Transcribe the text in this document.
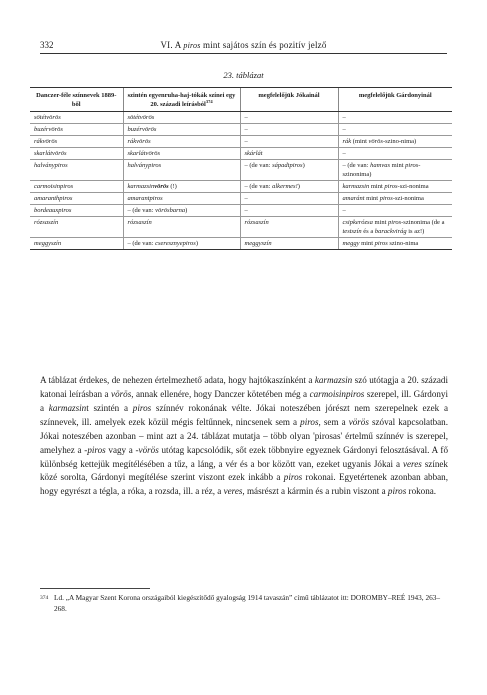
332	VI. A piros mint sajátos szín és pozitív jelző
23. táblázat
Danczer-féle színnevek 1889-ből	szintén egyenruha-haj-tókák színei egy 20. századi leírásból$^{374}$	megfelelőjük Jókainál	megfelelőjük Gárdonyinál
sötétvörös	sötétvörös	–	–
buzérvörös	buzérvörös	–	–
rákvörös	rákvörös	–	rák (mint vörös-szino-nima)
skarlátvörös	skarlátvörös	skárlát	–
halványpiros	halványpiros	– (de van: sápadtpiros)	– (de van: hamvas mint piros-szinonima)
carmoisinpiros	karmazsinvörös (!)	– (de van: alkermes!)	karmazsin mint piros-szi-nonima
amaranthpiros	amarantpiros	–	amaránt mint piros-szi-nonima
bordeauxpiros	– (de van: vörösbarna)	–	–
rózsaszín	rózsaszín	rózsaszín	csipkerózsa mint piros-szinonima (de a testszín és a barackvirág is az!)
meggyszín	– (de van: cseresznyepiros)	meggyszín	meggy mint piros szino-nima

A táblázat érdekes, de nehezen értelmezhető adata, hogy hajtókaszínként a karmazsin szó utótagja a 20. századi katonai leírásban a vörös, annak ellenére, hogy Danczer kötetében még a carmoisinpiros szerepel, ill. Gárdonyi a karmazsint szintén a piros színnév rokonának vélte. Jókai noteszében jórészt nem szerepelnek ezek a színnevek, ill. amelyek ezek közül mégis feltűnnek, nincsenek sem a piros, sem a vörös szóval kapcsolatban. Jókai noteszében azonban – mint azt a 24. táblázat mutatja – több olyan 'pirosas' értelmű színnév is szerepel, amelyhez a -piros vagy a -vörös utótag kapcsolódik, sőt ezek többnyire egyeznek Gárdonyi felosztásával. A fő különbség kettejük megítélésében a tűz, a láng, a vér és a bor között van, ezeket ugyanis Jókai a veres színek közé sorolta, Gárdonyi megítélése szerint viszont ezek inkább a piros rokonai. Egyetértenek azonban abban, hogy egyrészt a tégla, a róka, a rozsda, ill. a réz, a veres, másrészt a kármin és a rubin viszont a piros rokona.

374 Ld. „A Magyar Szent Korona országaiból kiegészítődő gyalogság 1914 tavaszán” című táblázatot itt: DOROMBY–REÉ 1943, 263–268.
